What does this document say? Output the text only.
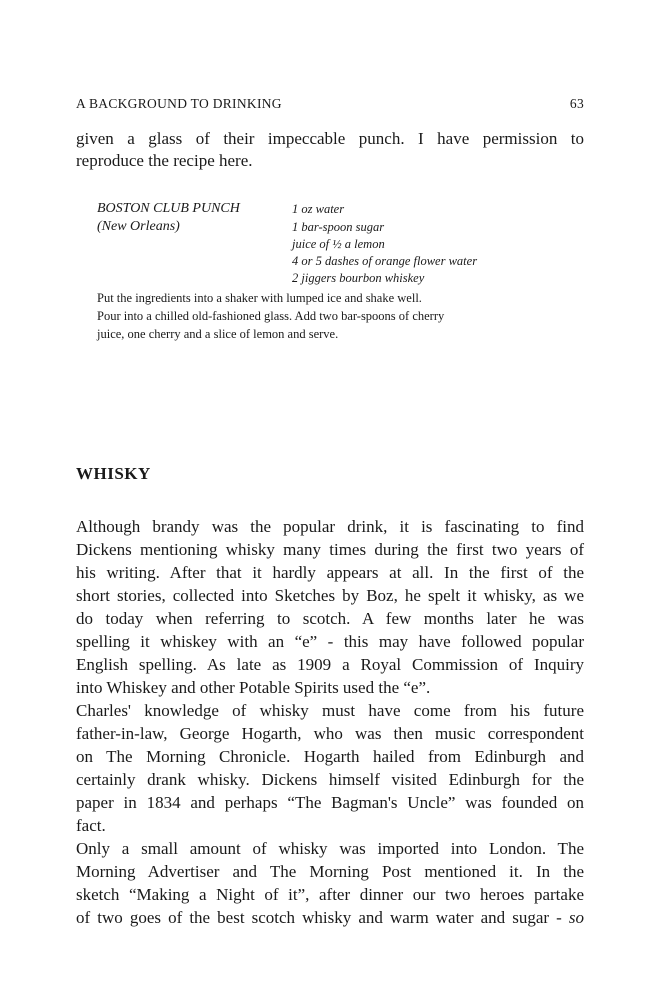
A BACKGROUND TO DRINKING	63
given a glass of their impeccable punch. I have permission to
reproduce the recipe here.
BOSTON CLUB PUNCH
(New Orleans)
1 oz water
1 bar-spoon sugar
juice of ½ a lemon
4 or 5 dashes of orange flower water
2 jiggers bourbon whiskey
Put the ingredients into a shaker with lumped ice and shake well.
Pour into a chilled old-fashioned glass. Add two bar-spoons of cherry
juice, one cherry and a slice of lemon and serve.
WHISKY
Although brandy was the popular drink, it is fascinating to find
Dickens mentioning whisky many times during the first two years of
his writing. After that it hardly appears at all. In the first of the
short stories, collected into Sketches by Boz, he spelt it whisky, as we
do today when referring to scotch. A few months later he was
spelling it whiskey with an “e” - this may have followed popular
English spelling. As late as 1909 a Royal Commission of Inquiry
into Whiskey and other Potable Spirits used the “e”.
Charles' knowledge of whisky must have come from his future
father-in-law, George Hogarth, who was then music correspondent
on The Morning Chronicle. Hogarth hailed from Edinburgh and
certainly drank whisky. Dickens himself visited Edinburgh for the
paper in 1834 and perhaps “The Bagman's Uncle” was founded on
fact.
Only a small amount of whisky was imported into London. The
Morning Advertiser and The Morning Post mentioned it. In the
sketch “Making a Night of it”, after dinner our two heroes partake
of two goes of the best scotch whisky and warm water and sugar - so
